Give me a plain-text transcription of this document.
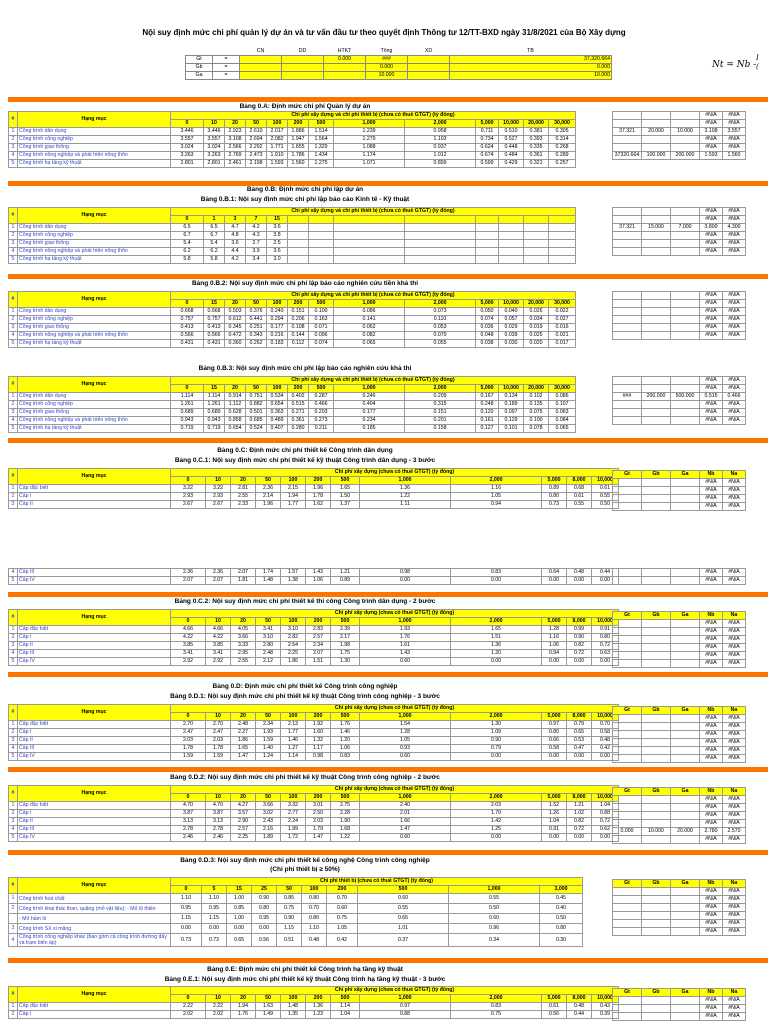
Nội suy định mức chi phí quản lý dự án và tư vấn đầu tư theo quyết định Thông tư 12/TT-BXD ngày 31/8/2021 của Bộ Xây dựng
Nt = Nb -
I
(
		CN	DD	HTKT	Tổng	XD	TB
Gt	=			0.000	###		37,320.664
Gb	=				0.000		0.000
Ga	=				10.000		10.000
Bảng 0.A: Định mức chi phí Quản lý dự án
#	Hạng mục	Chi phí xây dựng và chi phí thiết bị (chưa có thuế GTGT) (tỷ đồng)												
		0	10	20	50	100	200	500	1,000	2,000	5,000	10,000	20,000	30,000
1	Công trình dân dụng	3.446	3.446	2.923	2.610	2.017	1.886	1.514	1.239	0.958	0.711	0.510	0.381	0.305
2	Công trình công nghiệp	3.557	3.557	3.108	2.694	2.082	1.947	1.564	1.279	1.103	0.734	0.527	0.393	0.314
3	Công trình giao thông	3.024	3.024	2.566	2.292	1.771	1.655	1.329	1.088	0.937	0.624	0.448	0.335	0.268
4	Công trình nông nghiệp và phát triển nông thôn	3.263	3.263	2.769	2.473	1.910	1.786	1.434	1.174	1.012	0.674	0.484	0.361	0.289
5	Công trình hạ tầng kỹ thuật	2.801	2.801	2.461	2.198	1.593	1.560	1.275	1.071	0.899	0.599	0.429	0.321	0.257
			#N/A	#N/A
			#N/A	#N/A
37.321	20.000	10.000	3.108	3.557
			#N/A	#N/A
			#N/A	#N/A
37320.664	100.000	200.000	1.593	1.560
Bảng 0.B: Định mức chi phí lập dự án
Bảng 0.B.1: Nội suy định mức chi phí lập báo cáo Kinh tế - Kỹ thuật
#	Hạng mục	Chi phí xây dựng và chi phí thiết bị (chưa có thuế GTGT) (tỷ đồng)												
		0	1	3	7	15								
1	Công trình dân dụng	6.5	6.5	4.7	4.2	3.6								
2	Công trình công nghiệp	6.7	6.7	4.8	4.3	3.8								
3	Công trình giao thông	5.4	5.4	3.6	2.7	2.5								
4	Công trình nông nghiệp và phát triển nông thôn	6.2	6.2	4.4	3.9	3.6								
5	Công trình hạ tầng kỹ thuật	5.8	5.8	4.2	3.4	3.0								
			#N/A	#N/A
			#N/A	#N/A
37.321	15.000	7.000	3.800	4.300
			#N/A	#N/A
			#N/A	#N/A
			#N/A	#N/A
Bảng 0.B.2: Nội suy định mức chi phí lập báo cáo nghiên cứu tiền khả thi
#	Hạng mục	Chi phí xây dựng và chi phí thiết bị (chưa có thuế GTGT) (tỷ đồng)												
		0	15	20	50	100	200	500	1,000	2,000	5,000	10,000	20,000	30,000
1	Công trình dân dụng	0.668	0.668	0.503	0.376	0.240	0.151	0.100	0.086	0.073	0.050	0.040	0.026	0.022
2	Công trình công nghiệp	0.757	0.757	0.612	0.441	0.294	0.206	0.163	0.141	0.110	0.074	0.057	0.034	0.027
3	Công trình giao thông	0.413	0.413	0.345	0.251	0.177	0.108	0.071	0.062	0.053	0.036	0.029	0.019	0.016
4	Công trình nông nghiệp và phát triển nông thôn	0.566	0.566	0.472	0.343	0.216	0.144	0.096	0.082	0.070	0.048	0.039	0.025	0.021
5	Công trình hạ tầng kỹ thuật	0.431	0.431	0.360	0.262	0.183	0.112	0.074	0.065	0.055	0.038	0.030	0.020	0.017
			#N/A	#N/A
			#N/A	#N/A
			#N/A	#N/A
			#N/A	#N/A
			#N/A	#N/A
			#N/A	#N/A
Bảng 0.B.3: Nội suy định mức chi phí lập báo cáo nghiên cứu khả thi
#	Hạng mục	Chi phí xây dựng và chi phí thiết bị (chưa có thuế GTGT) (tỷ đồng)												
		0	15	20	50	100	200	500	1,000	2,000	5,000	10,000	20,000	30,000
1	Công trình dân dụng	1.114	1.114	0.914	0.751	0.534	0.402	0.287	0.246	0.209	0.167	0.134	0.102	0.086
2	Công trình công nghiệp	1.261	1.261	1.112	0.882	0.654	0.515	0.466	0.404	0.315	0.248	0.189	0.135	0.107
3	Công trình giao thông	0.689	0.689	0.628	0.501	0.363	0.271	0.203	0.177	0.151	0.120	0.097	0.075	0.063
4	Công trình nông nghiệp và phát triển nông thôn	0.943	0.943	0.858	0.685	0.489	0.361	0.273	0.234	0.201	0.161	0.129	0.100	0.084
5	Công trình hạ tầng kỹ thuật	0.719	0.719	0.654	0.524	0.407	0.280	0.211	0.185	0.158	0.127	0.101	0.078	0.065
			#N/A	#N/A
			#N/A	#N/A
###	200.000	500.000	0.515	0.466
			#N/A	#N/A
			#N/A	#N/A
			#N/A	#N/A
Bảng 0.C: Định mức chi phí thiết kế Công trình dân dụng
Bảng 0.C.1: Nội suy định mức chi phí thiết kế kỹ thuật Công trình dân dụng - 3 bước
#	Hạng mục	Chi phí xây dựng (chưa có thuế GTGT) (tỷ đồng)											
		0	10	20	50	100	200	500	1,000	2,000	5,000	8,000	10,000
1	Cấp đặc biệt	3.22	3.22	2.81	2.36	2.15	1.96	1.65	1.36	1.16	0.89	0.68	0.61
2	Cấp I	2.93	2.93	2.55	2.14	1.94	1.78	1.50	1.22	1.05	0.80	0.61	0.55
3	Cấp II	2.67	2.67	2.33	1.96	1.77	1.62	1.37	1.11	0.94	0.73	0.55	0.50
Gt	Gb	Ga	Nb	Na
			#N/A	#N/A
			#N/A	#N/A
			#N/A	#N/A
			#N/A	#N/A
4	Cấp III	2.36	2.36	2.07	1.74	1.57	1.43	1.21	0.98	0.83	0.64	0.48	0.44
5	Cấp IV	2.07	2.07	1.81	1.48	1.38	1.06	0.89	0.00	0.00	0.00	0.00	0.00
			#N/A	#N/A
			#N/A	#N/A
Bảng 0.C.2: Nội suy định mức chi phí thiết kế thi công Công trình dân dụng - 2 bước
#	Hạng mục	Chi phí xây dựng (chưa có thuế GTGT) (tỷ đồng)											
		0	10	20	50	100	200	500	1,000	2,000	5,000	8,000	10,000
1	Cấp đặc biệt	4.66	4.66	4.05	3.41	3.10	2.83	2.39	1.93	1.65	1.28	0.99	0.91
2	Cấp I	4.22	4.22	3.66	3.10	2.82	2.57	2.17	1.76	1.51	1.16	0.90	0.80
3	Cấp II	3.85	3.85	3.33	2.80	2.54	2.34	1.98	1.61	1.36	1.06	0.82	0.72
4	Cấp III	3.41	3.41	2.95	2.48	2.25	2.07	1.75	1.43	1.20	0.94	0.72	0.63
5	Cấp IV	2.92	2.92	2.55	2.12	1.86	1.51	1.30	0.60	0.00	0.00	0.00	0.00
Gt	Gb	Ga	Nb	Na
			#N/A	#N/A
			#N/A	#N/A
			#N/A	#N/A
			#N/A	#N/A
			#N/A	#N/A
			#N/A	#N/A
Bảng 0.D: Định mức chi phí thiết kế Công trình công nghiệp
Bảng 0.D.1: Nội suy định mức chi phí thiết kế kỹ thuật Công trình công nghiệp - 3 bước
#	Hạng mục	Chi phí xây dựng (chưa có thuế GTGT) (tỷ đồng)											
		0	10	20	50	100	200	500	1,000	2,000	5,000	8,000	10,000
1	Cấp đặc biệt	2.70	2.70	2.48	2.34	2.13	1.92	1.76	1.54	1.30	0.97	0.79	0.70
2	Cấp I	2.47	2.47	2.27	1.93	1.77	1.60	1.46	1.28	1.09	0.80	0.65	0.58
3	Cấp II	2.03	2.03	1.86	1.59	1.46	1.32	1.20	1.05	0.90	0.66	0.53	0.48
4	Cấp III	1.78	1.78	1.65	1.40	1.27	1.17	1.06	0.93	0.79	0.58	0.47	0.42
5	Cấp IV	1.59	1.59	1.47	1.24	1.14	0.98	0.83	0.60	0.00	0.00	0.00	0.00
Gt	Gb	Ga	Nb	Na
			#N/A	#N/A
			#N/A	#N/A
			#N/A	#N/A
			#N/A	#N/A
			#N/A	#N/A
			#N/A	#N/A
Bảng 0.D.2: Nội suy định mức chi phí thiết kế kỹ thuật Công trình công nghiệp - 2 bước
#	Hạng mục	Chi phí xây dựng (chưa có thuế GTGT) (tỷ đồng)											
		0	10	20	50	100	200	500	1,000	2,000	5,000	8,000	10,000
1	Cấp đặc biệt	4.70	4.70	4.27	3.66	3.32	3.01	2.75	2.40	2.03	1.52	1.21	1.04
2	Cấp I	3.87	3.87	3.57	3.02	2.77	2.50	2.28	2.01	1.70	1.26	1.02	0.88
3	Cấp II	3.13	3.13	2.90	2.43	2.24	2.03	1.90	1.66	1.42	1.04	0.82	0.72
4	Cấp III	2.78	2.78	2.57	2.16	1.99	1.79	1.68	1.47	1.25	0.91	0.72	0.62
5	Cấp IV	2.46	2.46	2.25	1.89	1.72	1.47	1.22	0.60	0.00	0.00	0.00	0.00
Gt	Gb	Ga	Nb	Na
			#N/A	#N/A
			#N/A	#N/A
			#N/A	#N/A
			#N/A	#N/A
0.000	10.000	20.000	2.780	2.570
			#N/A	#N/A
Bảng 0.D.3: Nội suy định mức chi phí thiết kế công nghệ Công trình công nghiệp
(Chi phí thiết bị ≥ 50%)
#	Hạng mục	Chi phí thiết bị (chưa có thuế GTGT) (tỷ đồng)									
		0	5	15	25	50	100	200	500	1,000	3,000
1	Công trình hoá chất	1.10	1.10	1.00	0.90	0.85	0.80	0.70	0.60	0.55	0.45
2	Công trình khai thác than, quặng (mỏ vật liệu): - Mỏ lộ thiên	0.95	0.95	0.85	0.80	0.75	0.70	0.60	0.55	0.50	0.40
	- Mỏ hầm lò	1.15	1.15	1.00	0.95	0.90	0.80	0.75	0.65	0.60	0.50
3	Công trình SX xi măng	0.00	0.00	0.00	0.00	1.15	1.10	1.05	1.01	0.96	0.80
4	Công trình công nghiệp khác (bao gồm cả công trình đường dây và trạm biến áp)	0.73	0.73	0.65	0.56	0.51	0.48	0.42	0.37	0.34	0.30
Gt	Gb	Ga	Nb	Na
			#N/A	#N/A
			#N/A	#N/A
			#N/A	#N/A
			#N/A	#N/A
			#N/A	#N/A
			#N/A	#N/A
Bảng 0.E: Định mức chi phí thiết kế Công trình hạ tầng kỹ thuật
Bảng 0.E.1: Nội suy định mức chi phí thiết kế kỹ thuật Công trình hạ tầng kỹ thuật - 3 bước
#	Hạng mục	Chi phí xây dựng (chưa có thuế GTGT) (tỷ đồng)											
		0	10	20	50	100	200	500	1,000	2,000	5,000	8,000	10,000
1	Cấp đặc biệt	2.22	2.22	1.94	1.63	1.48	1.36	1.14	0.97	0.83	0.61	0.48	0.43
2	Cấp I	2.02	2.02	1.76	1.49	1.35	1.23	1.04	0.88	0.75	0.56	0.44	0.39
Gt	Gb	Ga	Nb	Na
			#N/A	#N/A
			#N/A	#N/A
			#N/A	#N/A
